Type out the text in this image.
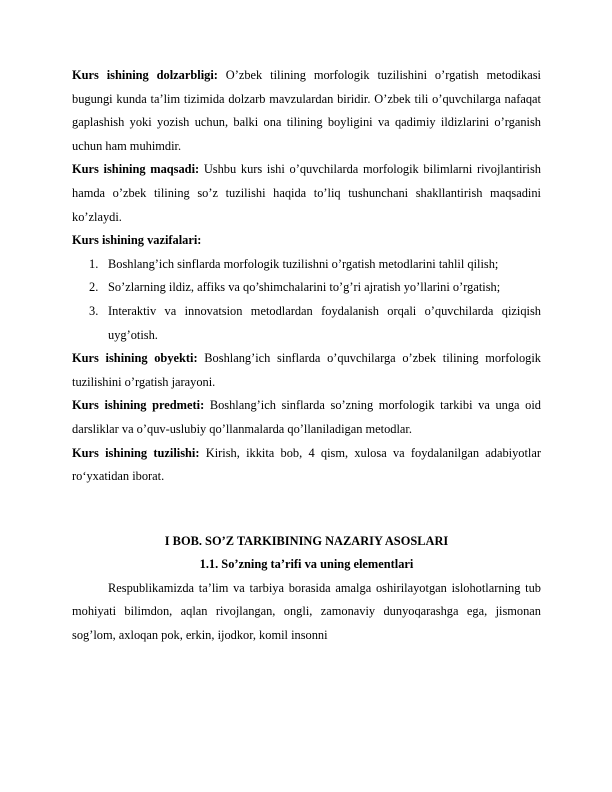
Kurs ishining dolzarbligi: O’zbek tilining morfologik tuzilishini o’rgatish metodikasi bugungi kunda ta’lim tizimida dolzarb mavzulardan biridir. O’zbek tili o’quvchilarga nafaqat gaplashish yoki yozish uchun, balki ona tilining boyligini va qadimiy ildizlarini o’rganish uchun ham muhimdir.

Kurs ishining maqsadi: Ushbu kurs ishi o’quvchilarda morfologik bilimlarni rivojlantirish hamda o’zbek tilining so’z tuzilishi haqida to’liq tushunchani shakllantirish maqsadini ko’zlaydi.

Kurs ishining vazifalari:

1. Boshlang’ich sinflarda morfologik tuzilishni o’rgatish metodlarini tahlil qilish;
2. So’zlarning ildiz, affiks va qo’shimchalarini to’g’ri ajratish yo’llarini o’rgatish;
3. Interaktiv va innovatsion metodlardan foydalanish orqali o’quvchilarda qiziqish uyg’otish.

Kurs ishining obyekti: Boshlang’ich sinflarda o’quvchilarga o’zbek tilining morfologik tuzilishini o’rgatish jarayoni.

Kurs ishining predmeti: Boshlang’ich sinflarda so’zning morfologik tarkibi va unga oid darsliklar va o’quv-uslubiy qo’llanmalarda qo’llaniladigan metodlar.

Kurs ishining tuzilishi: Kirish, ikkita bob, 4 qism, xulosa va foydalanilgan adabiyotlar ro‘yxatidan iborat.

I BOB. SO’Z TARKIBINING NAZARIY ASOSLARI

1.1. So’zning ta’rifi va uning elementlari

Respublikamizda ta’lim va tarbiya borasida amalga oshirilayotgan islohotlarning tub mohiyati bilimdon, aqlan rivojlangan, ongli, zamonaviy dunyoqarashga ega, jismonan sog’lom, axloqan pok, erkin, ijodkor, komil insonni
